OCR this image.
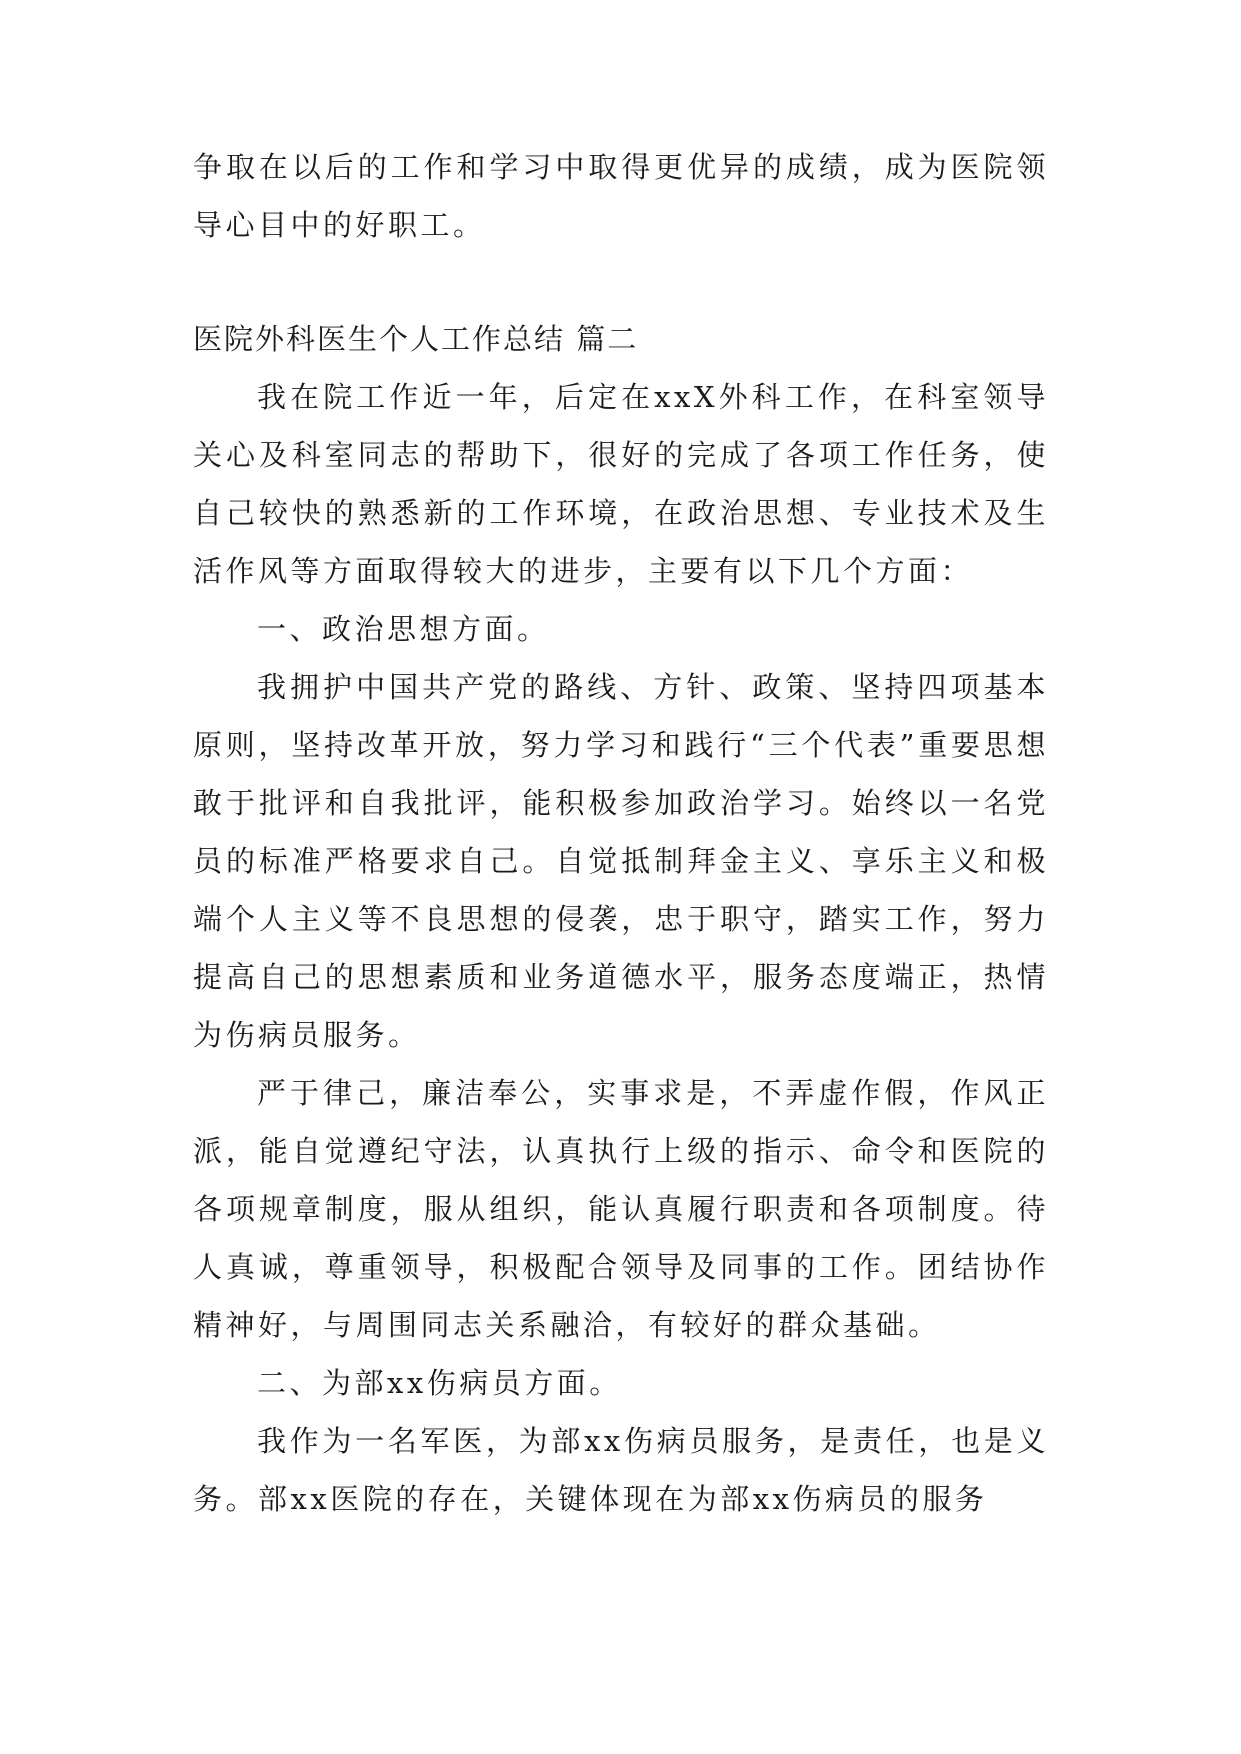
争取在以后的工作和学习中取得更优异的成绩，成为医院领导心目中的好职工。

医院外科医生个人工作总结 篇二

我在院工作近一年，后定在xxX外科工作，在科室领导关心及科室同志的帮助下，很好的完成了各项工作任务，使自己较快的熟悉新的工作环境，在政治思想、专业技术及生活作风等方面取得较大的进步，主要有以下几个方面：

一、政治思想方面。

我拥护中国共产党的路线、方针、政策、坚持四项基本原则，坚持改革开放，努力学习和践行“三个代表”重要思想敢于批评和自我批评，能积极参加政治学习。始终以一名党员的标准严格要求自己。自觉抵制拜金主义、享乐主义和极端个人主义等不良思想的侵袭，忠于职守，踏实工作，努力提高自己的思想素质和业务道德水平，服务态度端正，热情为伤病员服务。

严于律己，廉洁奉公，实事求是，不弄虚作假，作风正派，能自觉遵纪守法，认真执行上级的指示、命令和医院的各项规章制度，服从组织，能认真履行职责和各项制度。待人真诚，尊重领导，积极配合领导及同事的工作。团结协作精神好，与周围同志关系融洽，有较好的群众基础。

二、为部xx伤病员方面。

我作为一名军医，为部xx伤病员服务，是责任，也是义务。部xx医院的存在，关键体现在为部xx伤病员的服务
